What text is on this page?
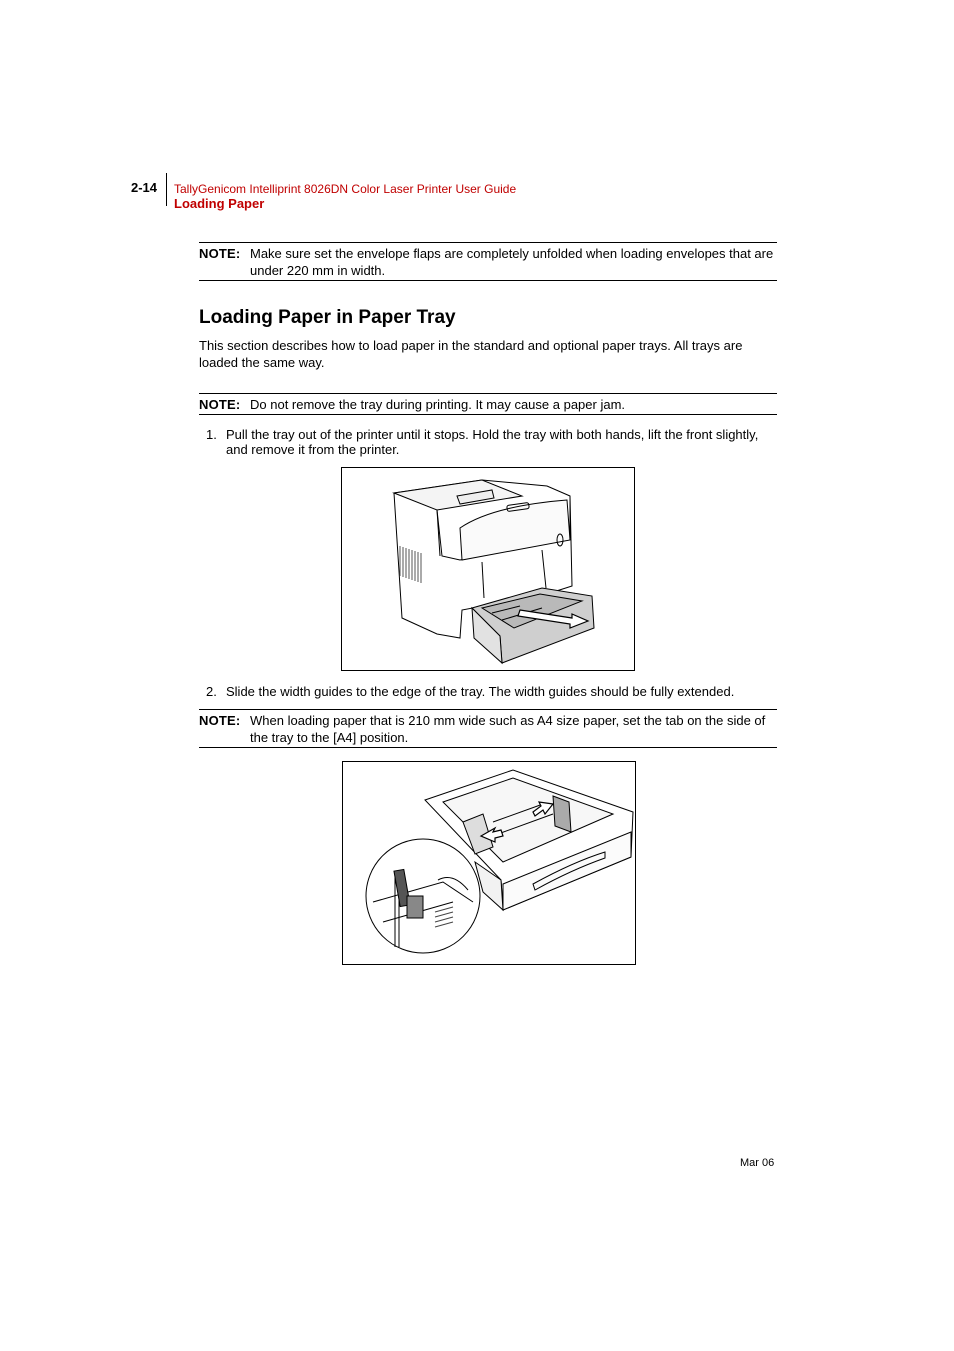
2-14 TallyGenicom Intelliprint 8026DN Color Laser Printer User Guide
Loading Paper
NOTE: Make sure set the envelope flaps are completely unfolded when loading envelopes that are under 220 mm in width.
Loading Paper in Paper Tray
This section describes how to load paper in the standard and optional paper trays. All trays are loaded the same way.
NOTE: Do not remove the tray during printing. It may cause a paper jam.
1. Pull the tray out of the printer until it stops. Hold the tray with both hands, lift the front slightly, and remove it from the printer.
2. Slide the width guides to the edge of the tray. The width guides should be fully extended.
NOTE: When loading paper that is 210 mm wide such as A4 size paper, set the tab on the side of the tray to the [A4] position.
Mar 06
